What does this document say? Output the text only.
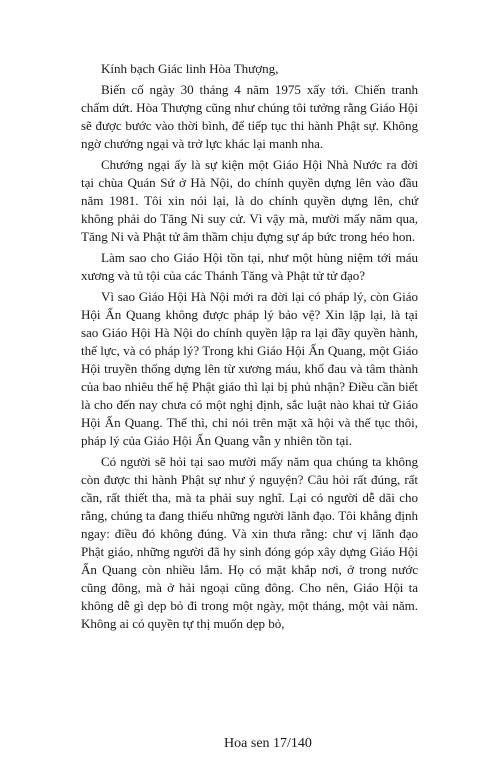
Kính bạch Giác linh Hòa Thượng,

Biến cố ngày 30 tháng 4 năm 1975 xẩy tới. Chiến tranh chấm dứt. Hòa Thượng cũng như chúng tôi tưởng rằng Giáo Hội sẽ được bước vào thời bình, để tiếp tục thi hành Phật sự. Không ngờ chướng ngại và trở lực khác lại manh nha.

Chướng ngại ấy là sự kiện một Giáo Hội Nhà Nước ra đời tại chùa Quán Sứ ở Hà Nội, do chính quyền dựng lên vào đầu năm 1981. Tôi xin nói lại, là do chính quyền dựng lên, chứ không phải do Tăng Ni suy cử. Vì vậy mà, mười mấy năm qua, Tăng Ni và Phật tử âm thầm chịu đựng sự áp bức trong héo hon.

Làm sao cho Giáo Hội tồn tại, như một hùng niệm tới máu xương và tủ tội của các Thánh Tăng và Phật tử tử đạo?

Vì sao Giáo Hội Hà Nội mới ra đời lại có pháp lý, còn Giáo Hội Ấn Quang không được pháp lý bảo vệ? Xin lặp lại, là tại sao Giáo Hội Hà Nội do chính quyền lập ra lại đầy quyền hành, thế lực, và có pháp lý? Trong khi Giáo Hội Ấn Quang, một Giáo Hội truyền thống dựng lên từ xương máu, khổ đau và tâm thành của bao nhiêu thế hệ Phật giáo thì lại bị phủ nhận? Điều cần biết là cho đến nay chưa có một nghị định, sắc luật nào khai tử Giáo Hội Ấn Quang. Thế thì, chỉ nói trên mặt xã hội và thế tục thôi, pháp lý của Giáo Hội Ấn Quang vẫn y nhiên tồn tại.

Có người sẽ hỏi tại sao mười mấy năm qua chúng ta không còn được thi hành Phật sự như ý nguyện? Câu hỏi rất đúng, rất cần, rất thiết tha, mà ta phải suy nghĩ. Lại có người dễ dãi cho rằng, chúng ta đang thiếu những người lãnh đạo. Tôi khẳng định ngay: điều đó không đúng. Và xin thưa rằng: chư vị lãnh đạo Phật giáo, những người đã hy sinh đóng góp xây dựng Giáo Hội Ấn Quang còn nhiều lắm. Họ có mặt khắp nơi, ở trong nước cũng đông, mà ở hải ngoại cũng đông. Cho nên, Giáo Hội ta không dễ gì dẹp bỏ đi trong một ngày, một tháng, một vài năm. Không ai có quyền tự thị muốn dẹp bỏ,

Hoa sen 17/140
